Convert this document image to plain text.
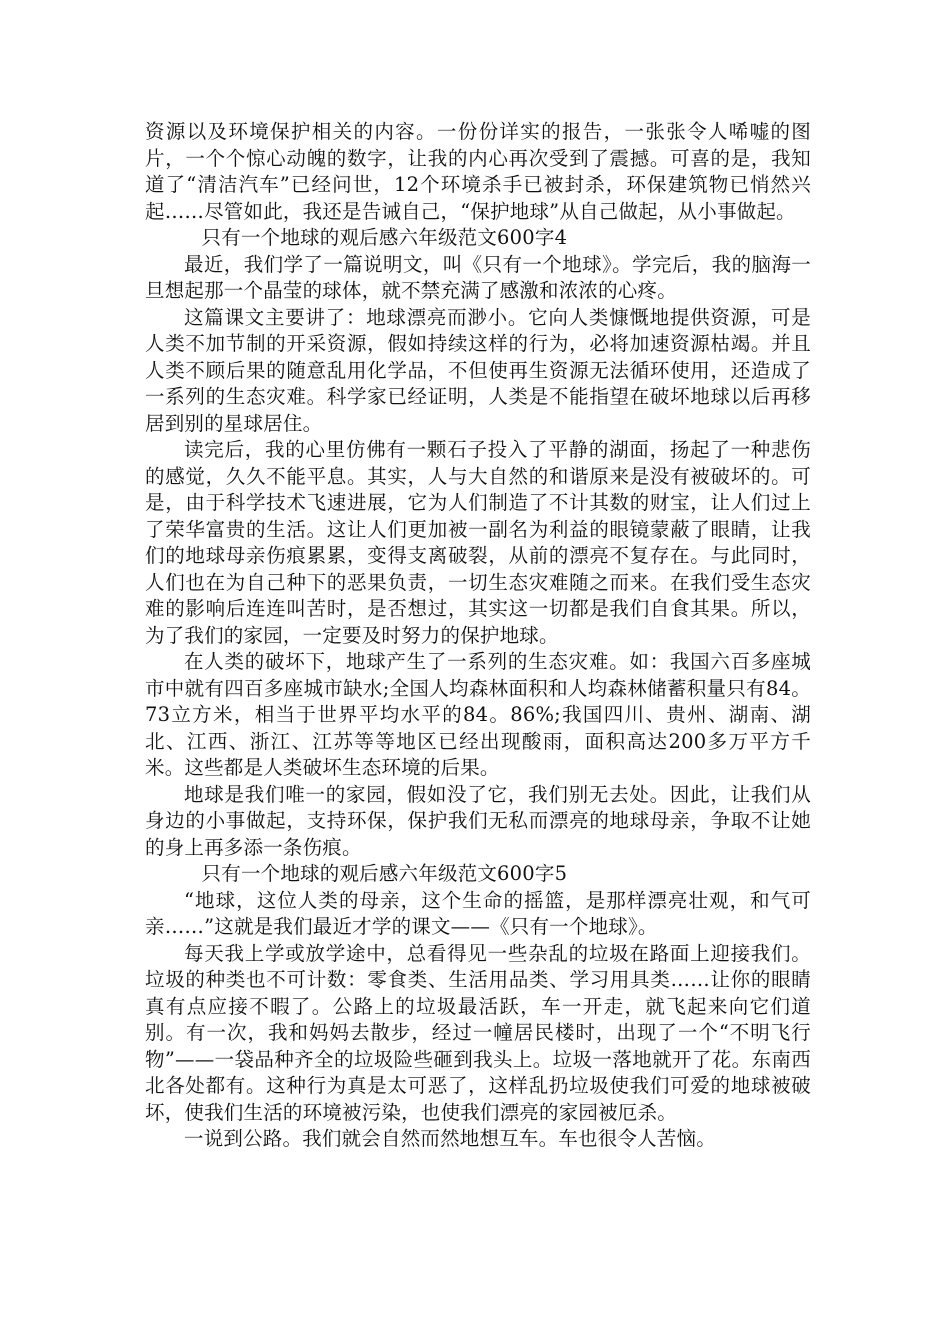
资源以及环境保护相关的内容。一份份详实的报告，一张张令人唏嘘的图片，一个个惊心动魄的数字，让我的内心再次受到了震撼。可喜的是，我知道了“清洁汽车”已经问世，12个环境杀手已被封杀，环保建筑物已悄然兴起……尽管如此，我还是告诫自己，“保护地球”从自己做起，从小事做起。

只有一个地球的观后感六年级范文600字4

最近，我们学了一篇说明文，叫《只有一个地球》。学完后，我的脑海一旦想起那一个晶莹的球体，就不禁充满了感激和浓浓的心疼。

这篇课文主要讲了：地球漂亮而渺小。它向人类慷慨地提供资源，可是人类不加节制的开采资源，假如持续这样的行为，必将加速资源枯竭。并且人类不顾后果的随意乱用化学品，不但使再生资源无法循环使用，还造成了一系列的生态灾难。科学家已经证明，人类是不能指望在破坏地球以后再移居到别的星球居住。

读完后，我的心里仿佛有一颗石子投入了平静的湖面，扬起了一种悲伤的感觉，久久不能平息。其实，人与大自然的和谐原来是没有被破坏的。可是，由于科学技术飞速进展，它为人们制造了不计其数的财宝，让人们过上了荣华富贵的生活。这让人们更加被一副名为利益的眼镜蒙蔽了眼睛，让我们的地球母亲伤痕累累，变得支离破裂，从前的漂亮不复存在。与此同时，人们也在为自己种下的恶果负责，一切生态灾难随之而来。在我们受生态灾难的影响后连连叫苦时，是否想过，其实这一切都是我们自食其果。所以，为了我们的家园，一定要及时努力的保护地球。

在人类的破坏下，地球产生了一系列的生态灾难。如：我国六百多座城市中就有四百多座城市缺水;全国人均森林面积和人均森林储蓄积量只有84。73立方米，相当于世界平均水平的84。86%;我国四川、贵州、湖南、湖北、江西、浙江、江苏等等地区已经出现酸雨，面积高达200多万平方千米。这些都是人类破坏生态环境的后果。

地球是我们唯一的家园，假如没了它，我们别无去处。因此，让我们从身边的小事做起，支持环保，保护我们无私而漂亮的地球母亲，争取不让她的身上再多添一条伤痕。

只有一个地球的观后感六年级范文600字5

“地球，这位人类的母亲，这个生命的摇篮，是那样漂亮壮观，和气可亲……”这就是我们最近才学的课文——《只有一个地球》。

每天我上学或放学途中，总看得见一些杂乱的垃圾在路面上迎接我们。垃圾的种类也不可计数：零食类、生活用品类、学习用具类……让你的眼睛真有点应接不暇了。公路上的垃圾最活跃，车一开走，就飞起来向它们道别。有一次，我和妈妈去散步，经过一幢居民楼时，出现了一个“不明飞行物”——一袋品种齐全的垃圾险些砸到我头上。垃圾一落地就开了花。东南西北各处都有。这种行为真是太可恶了，这样乱扔垃圾使我们可爱的地球被破坏，使我们生活的环境被污染，也使我们漂亮的家园被厄杀。

一说到公路。我们就会自然而然地想互车。车也很令人苦恼。
